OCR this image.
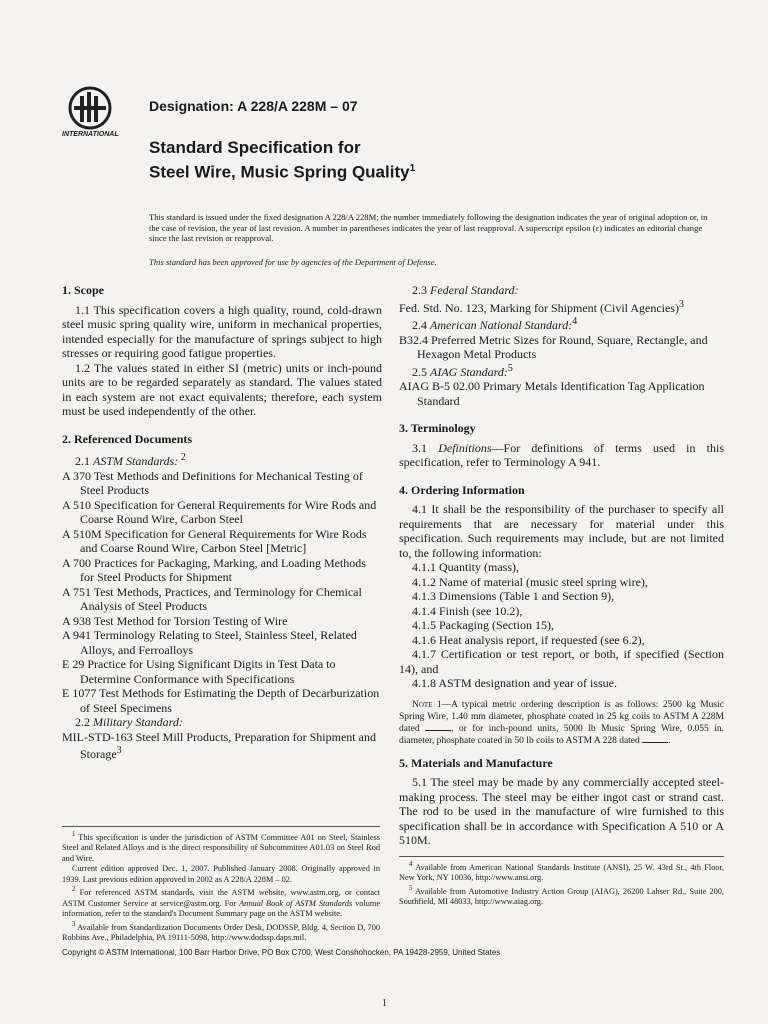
INTERNATIONAL
Designation: A 228/A 228M – 07
Standard Specification for
Steel Wire, Music Spring Quality$^1$

This standard is issued under the fixed designation A 228/A 228M; the number immediately following the designation indicates the year of original adoption or, in the case of revision, the year of last revision. A number in parentheses indicates the year of last reapproval. A superscript epsilon (ε) indicates an editorial change since the last revision or reapproval.

This standard has been approved for use by agencies of the Department of Defense.
1. Scope

1.1 This specification covers a high quality, round, cold-drawn steel music spring quality wire, uniform in mechanical properties, intended especially for the manufacture of springs subject to high stresses or requiring good fatigue properties.

1.2 The values stated in either SI (metric) units or inch-pound units are to be regarded separately as standard. The values stated in each system are not exact equivalents; therefore, each system must be used independently of the other.

2. Referenced Documents

2.1 ASTM Standards: $^2$

A 370 Test Methods and Definitions for Mechanical Testing of Steel Products

A 510 Specification for General Requirements for Wire Rods and Coarse Round Wire, Carbon Steel

A 510M Specification for General Requirements for Wire Rods and Coarse Round Wire, Carbon Steel [Metric]

A 700 Practices for Packaging, Marking, and Loading Methods for Steel Products for Shipment

A 751 Test Methods, Practices, and Terminology for Chemical Analysis of Steel Products

A 938 Test Method for Torsion Testing of Wire

A 941 Terminology Relating to Steel, Stainless Steel, Related Alloys, and Ferroalloys

E 29 Practice for Using Significant Digits in Test Data to Determine Conformance with Specifications

E 1077 Test Methods for Estimating the Depth of Decarburization of Steel Specimens

2.2 Military Standard:

MIL-STD-163 Steel Mill Products, Preparation for Shipment and Storage$^3$

2.3 Federal Standard:

Fed. Std. No. 123, Marking for Shipment (Civil Agencies)$^3$

2.4 American National Standard:$^4$

B32.4 Preferred Metric Sizes for Round, Square, Rectangle, and Hexagon Metal Products

2.5 AIAG Standard:$^5$

AIAG B-5 02.00 Primary Metals Identification Tag Application Standard

3. Terminology

3.1 Definitions—For definitions of terms used in this specification, refer to Terminology A 941.

4. Ordering Information

4.1 It shall be the responsibility of the purchaser to specify all requirements that are necessary for material under this specification. Such requirements may include, but are not limited to, the following information:

4.1.1 Quantity (mass),

4.1.2 Name of material (music steel spring wire),

4.1.3 Dimensions (Table 1 and Section 9),

4.1.4 Finish (see 10.2),

4.1.5 Packaging (Section 15),

4.1.6 Heat analysis report, if requested (see 6.2),

4.1.7 Certification or test report, or both, if specified (Section 14), and

4.1.8 ASTM designation and year of issue.

Note 1—A typical metric ordering description is as follows: 2500 kg Music Spring Wire, 1.40 mm diameter, phosphate coated in 25 kg coils to ASTM A 228M dated	, or for inch-pound units, 5000 lb Music Spring Wire, 0.055 in. diameter, phosphate coated in 50 lb coils to ASTM A 228 dated	.

5. Materials and Manufacture

5.1 The steel may be made by any commercially accepted steel-making process. The steel may be either ingot cast or strand cast. The rod to be used in the manufacture of wire furnished to this specification shall be in accordance with Specification A 510 or A 510M.

$^1$ This specification is under the jurisdiction of ASTM Committee A01 on Steel, Stainless Steel and Related Alloys and is the direct responsibility of Subcommittee A01.03 on Steel Rod and Wire.

Current edition approved Dec. 1, 2007. Published January 2008. Originally approved in 1939. Last previous edition approved in 2002 as A 228/A 228M – 02.

$^2$ For referenced ASTM standards, visit the ASTM website, www.astm.org, or contact ASTM Customer Service at service@astm.org. For Annual Book of ASTM Standards volume information, refer to the standard's Document Summary page on the ASTM website.

$^3$ Available from Standardization Documents Order Desk, DODSSP, Bldg. 4, Section D, 700 Robbins Ave., Philadelphia, PA 19111-5098, http://www.dodssp.daps.mil.

$^4$ Available from American National Standards Institute (ANSI), 25 W. 43rd St., 4th Floor, New York, NY 10036, http://www.ansi.org.

$^5$ Available from Automotive Industry Action Group (AIAG), 26200 Lahser Rd., Suite 200, Southfield, MI 48033, http://www.aiag.org.

Copyright © ASTM International, 100 Barr Harbor Drive, PO Box C700, West Conshohocken, PA 19428-2959, United States
1
